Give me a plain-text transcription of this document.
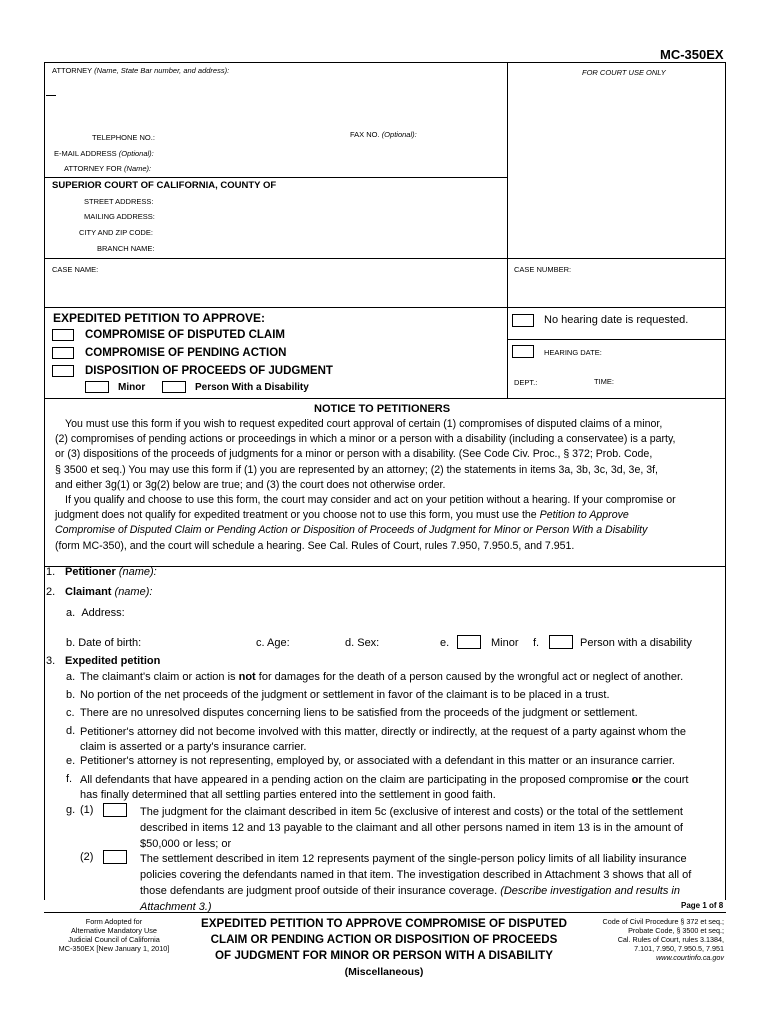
MC-350EX
ATTORNEY (Name, State Bar number, and address):	FOR COURT USE ONLY
TELEPHONE NO.:	FAX NO. (Optional):
E-MAIL ADDRESS (Optional):
ATTORNEY FOR (Name):
SUPERIOR COURT OF CALIFORNIA, COUNTY OF
STREET ADDRESS:
MAILING ADDRESS:
CITY AND ZIP CODE:
BRANCH NAME:
CASE NAME:	CASE NUMBER:
EXPEDITED PETITION TO APPROVE:
COMPROMISE OF DISPUTED CLAIM
COMPROMISE OF PENDING ACTION
DISPOSITION OF PROCEEDS OF JUDGMENT
Minor	Person With a Disability
No hearing date is requested.
HEARING DATE:
DEPT.:	TIME:
NOTICE TO PETITIONERS
You must use this form if you wish to request expedited court approval of certain (1) compromises of disputed claims of a minor,
(2) compromises of pending actions or proceedings in which a minor or a person with a disability (including a conservatee) is a party,
or (3) dispositions of the proceeds of judgments for a minor or person with a disability. (See Code Civ. Proc., § 372; Prob. Code,
§ 3500 et seq.) You may use this form if (1) you are represented by an attorney; (2) the statements in items 3a, 3b, 3c, 3d, 3e, 3f,
and either 3g(1) or 3g(2) below are true; and (3) the court does not otherwise order.
If you qualify and choose to use this form, the court may consider and act on your petition without a hearing. If your compromise or
judgment does not qualify for expedited treatment or you choose not to use this form, you must use the Petition to Approve
Compromise of Disputed Claim or Pending Action or Disposition of Proceeds of Judgment for Minor or Person With a Disability
(form MC-350), and the court will schedule a hearing. See Cal. Rules of Court, rules 7.950, 7.950.5, and 7.951.
1. Petitioner (name):
2. Claimant (name):
a. Address:
b. Date of birth:	c. Age:	d. Sex:	e.	Minor f.	Person with a disability
3. Expedited petition
a. The claimant's claim or action is not for damages for the death of a person caused by the wrongful act or neglect of another.
b. No portion of the net proceeds of the judgment or settlement in favor of the claimant is to be placed in a trust.
c. There are no unresolved disputes concerning liens to be satisfied from the proceeds of the judgment or settlement.
d. Petitioner's attorney did not become involved with this matter, directly or indirectly, at the request of a party against whom the
claim is asserted or a party's insurance carrier.
e. Petitioner's attorney is not representing, employed by, or associated with a defendant in this matter or an insurance carrier.
f. All defendants that have appeared in a pending action on the claim are participating in the proposed compromise or the court
has finally determined that all settling parties entered into the settlement in good faith.
g. (1)	The judgment for the claimant described in item 5c (exclusive of interest and costs) or the total of the settlement
described in items 12 and 13 payable to the claimant and all other persons named in item 13 is in the amount of
$50,000 or less; or
(2)	The settlement described in item 12 represents payment of the single-person policy limits of all liability insurance
policies covering the defendants named in that item. The investigation described in Attachment 3 shows that all of
those defendants are judgment proof outside of their insurance coverage. (Describe investigation and results in
Attachment 3.)	Page 1 of 8
Form Adopted for
Alternative Mandatory Use
Judicial Council of California
MC-350EX [New January 1, 2010]
EXPEDITED PETITION TO APPROVE COMPROMISE OF DISPUTED
CLAIM OR PENDING ACTION OR DISPOSITION OF PROCEEDS
OF JUDGMENT FOR MINOR OR PERSON WITH A DISABILITY
(Miscellaneous)
Code of Civil Procedure § 372 et seq.;
Probate Code, § 3500 et seq.;
Cal. Rules of Court, rules 3.1384,
7.101, 7.950, 7.950.5, 7.951
www.courtinfo.ca.gov
